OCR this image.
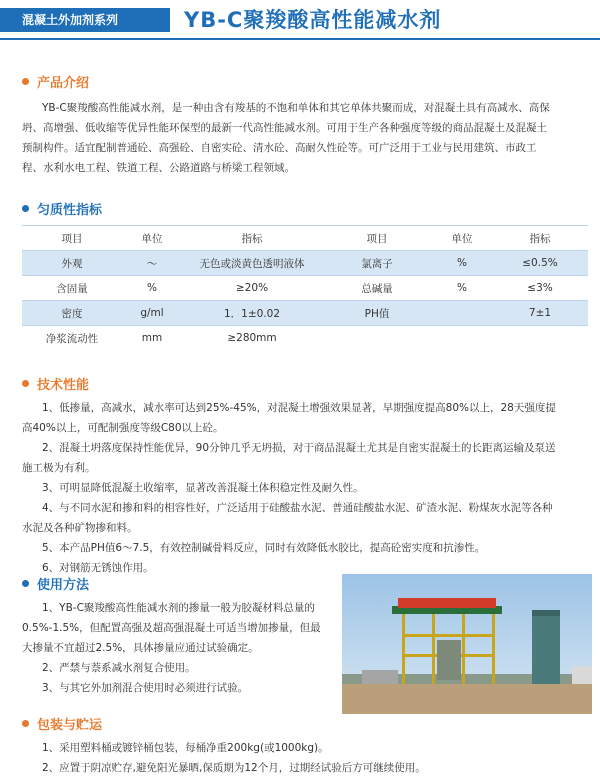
混凝土外加剂系列	YB-C聚羧酸高性能减水剂
产品介绍
YB-C聚羧酸高性能减水剂，是一种由含有羧基的不饱和单体和其它单体共聚而成，对混凝土具有高减水、高保
坍、高增强、低收缩等优异性能环保型的最新一代高性能减水剂。可用于生产各种强度等级的商品混凝土及混凝土
预制构件。适宜配制普通砼、高强砼、自密实砼、清水砼、高耐久性砼等。可广泛用于工业与民用建筑、市政工
程、水利水电工程、铁道工程、公路道路与桥梁工程领域。
匀质性指标
项目	单位	指标	项目	单位	指标
外观	～	无色或淡黄色透明液体	氯离子	%	≤0.5%
含固量	%	≥20%	总碱量	%	≤3%
密度	g/ml	1．1±0.02	PH值		7±1
净浆流动性	mm	≥280mm			
技术性能

1、低掺量，高减水，减水率可达到25%-45%，对混凝土增强效果显著，早期强度提高80%以上，28天强度提

高40%以上，可配制强度等级C80以上砼。

2、混凝土坍落度保持性能优异，90分钟几乎无坍损，对于商品混凝土尤其是自密实混凝土的长距离运输及泵送

施工极为有利。

3、可明显降低混凝土收缩率，显著改善混凝土体积稳定性及耐久性。

4、与不同水泥和掺和料的相容性好，广泛适用于硅酸盐水泥、普通硅酸盐水泥、矿渣水泥、粉煤灰水泥等各种

水泥及各种矿物掺和料。

5、本产品PH值6～7.5，有效控制碱骨料反应，同时有效降低水胶比，提高砼密实度和抗渗性。

6、对钢筋无锈蚀作用。

使用方法

1、YB-C聚羧酸高性能减水剂的掺量一般为胶凝材料总量的

0.5%-1.5%，但配置高强及超高强混凝土可适当增加掺量，但最

大掺量不宜超过2.5%，具体掺量应通过试验确定。

2、严禁与萘系减水剂复合使用。

3、与其它外加剂混合使用时必须进行试验。

包装与贮运

1、采用塑料桶或镀锌桶包装，每桶净重200kg(或1000kg)。

2、应置于阴凉贮存,避免阳光暴晒,保质期为12个月，过期经试验后方可继续使用。
